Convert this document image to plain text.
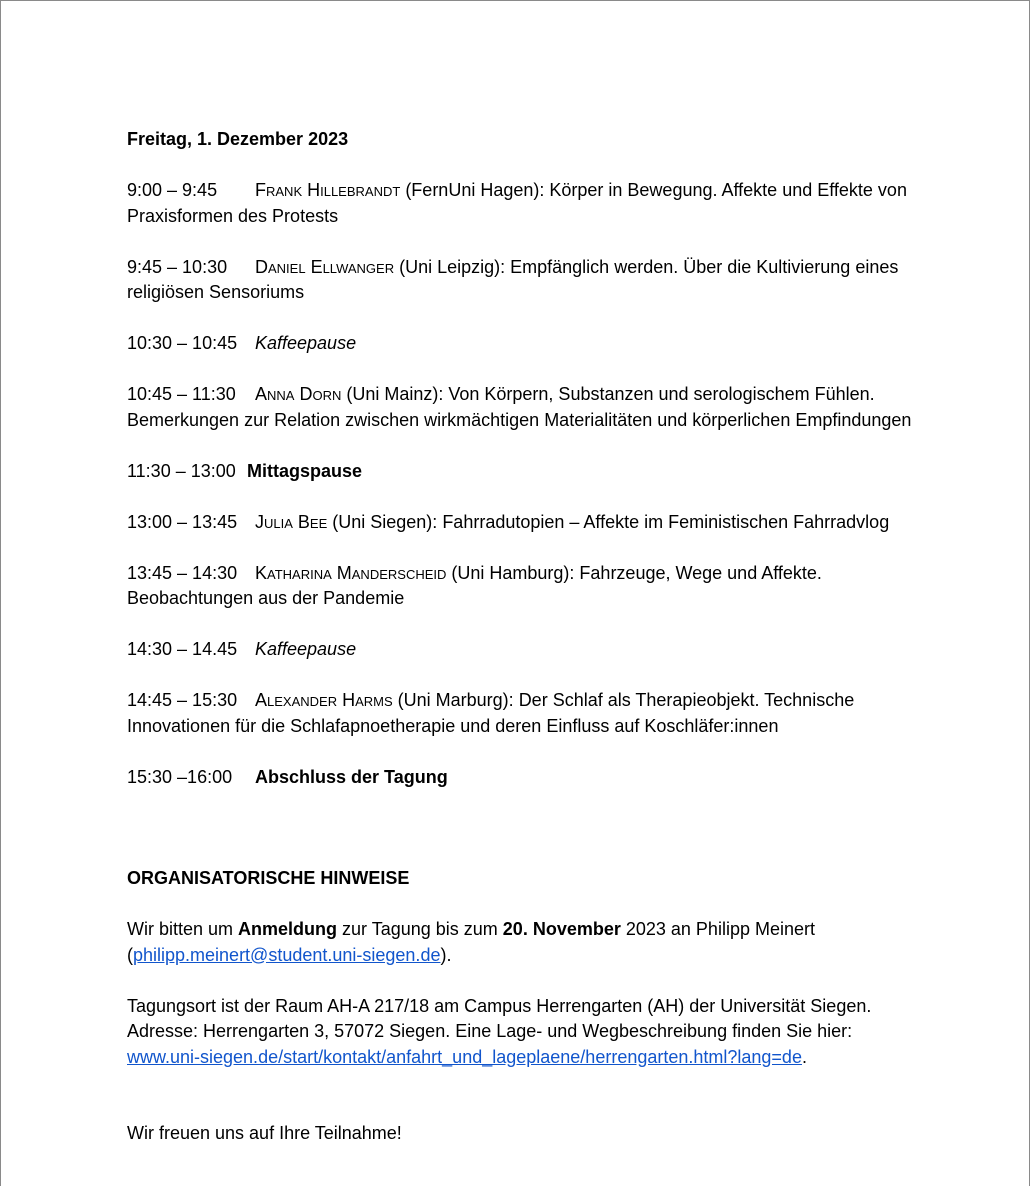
Freitag, 1. Dezember 2023
9:00 – 9:45 Frank Hillebrandt (FernUni Hagen): Körper in Bewegung. Affekte und Effekte von Praxisformen des Protests
9:45 – 10:30 Daniel Ellwanger (Uni Leipzig): Empfänglich werden. Über die Kultivierung eines religiösen Sensoriums
10:30 – 10:45 Kaffeepause
10:45 – 11:30 Anna Dorn (Uni Mainz): Von Körpern, Substanzen und serologischem Fühlen. Bemerkungen zur Relation zwischen wirkmächtigen Materialitäten und körperlichen Empfindungen
11:30 – 13:00 Mittagspause
13:00 – 13:45 Julia Bee (Uni Siegen): Fahrradutopien – Affekte im Feministischen Fahrradvlog
13:45 – 14:30 Katharina Manderscheid (Uni Hamburg): Fahrzeuge, Wege und Affekte. Beobachtungen aus der Pandemie
14:30 – 14.45 Kaffeepause
14:45 – 15:30 Alexander Harms (Uni Marburg): Der Schlaf als Therapieobjekt. Technische Innovationen für die Schlafapnoetherapie und deren Einfluss auf Koschläfer:innen
15:30 –16:00 Abschluss der Tagung
ORGANISATORISCHE HINWEISE
Wir bitten um Anmeldung zur Tagung bis zum 20. November 2023 an Philipp Meinert
(philipp.meinert@student.uni-siegen.de).
Tagungsort ist der Raum AH-A 217/18 am Campus Herrengarten (AH) der Universität Siegen. Adresse: Herrengarten 3, 57072 Siegen. Eine Lage- und Wegbeschreibung finden Sie hier:
www.uni-siegen.de/start/kontakt/anfahrt_und_lageplaene/herrengarten.html?lang=de.
Wir freuen uns auf Ihre Teilnahme!
